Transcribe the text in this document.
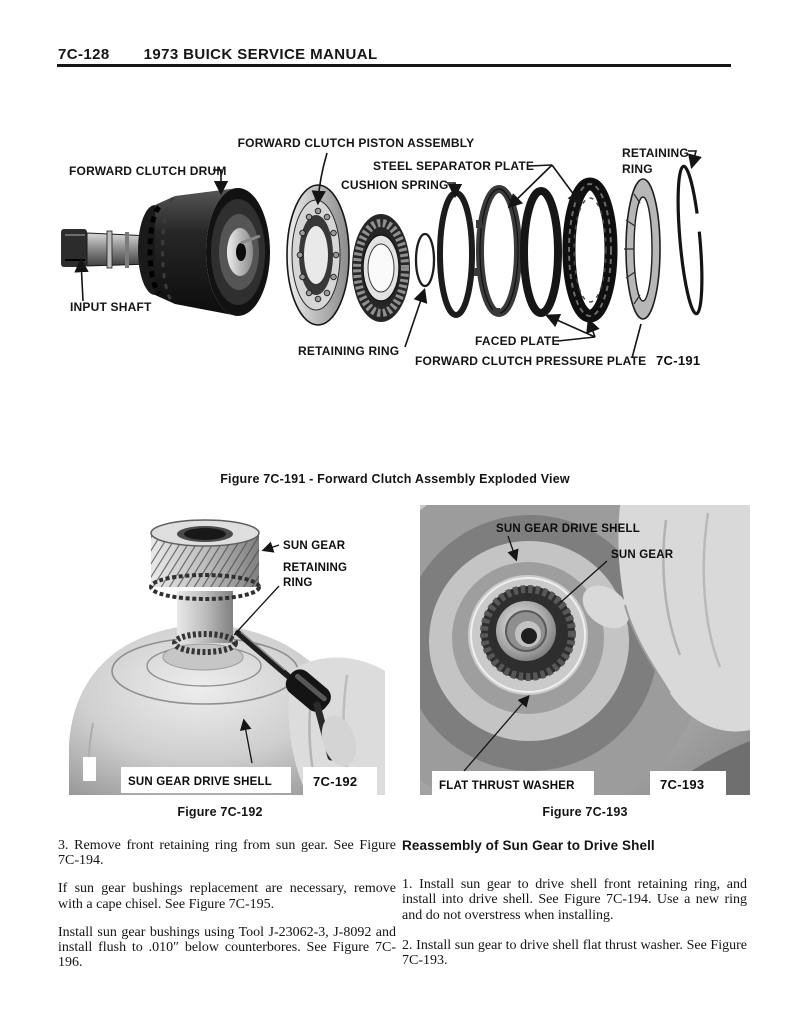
7C-128 1973 BUICK SERVICE MANUAL
FORWARD CLUTCH PISTON ASSEMBLY
FORWARD CLUTCH DRUM	STEEL SEPARATOR PLATE
CUSHION SPRING
RETAINING
RING
INPUT SHAFT
RETAINING RING
FACED PLATE
FORWARD CLUTCH PRESSURE PLATE 7C-191
Figure 7C-191 - Forward Clutch Assembly Exploded View
SUN GEAR
RETAINING
RING
SUN GEAR DRIVE SHELL	7C-192
Figure 7C-192
SUN GEAR DRIVE SHELL
SUN GEAR
FLAT THRUST WASHER	7C-193
Figure 7C-193

3. Remove front retaining ring from sun gear. See Figure 7C-194.

If sun gear bushings replacement are necessary, remove with a cape chisel. See Figure 7C-195.

Install sun gear bushings using Tool J-23062-3, J-8092 and install flush to .010″ below counterbores. See Figure 7C-196.

Reassembly of Sun Gear to Drive Shell

1. Install sun gear to drive shell front retaining ring, and install into drive shell. See Figure 7C-194. Use a new ring and do not overstress when installing.

2. Install sun gear to drive shell flat thrust washer. See Figure 7C-193.
